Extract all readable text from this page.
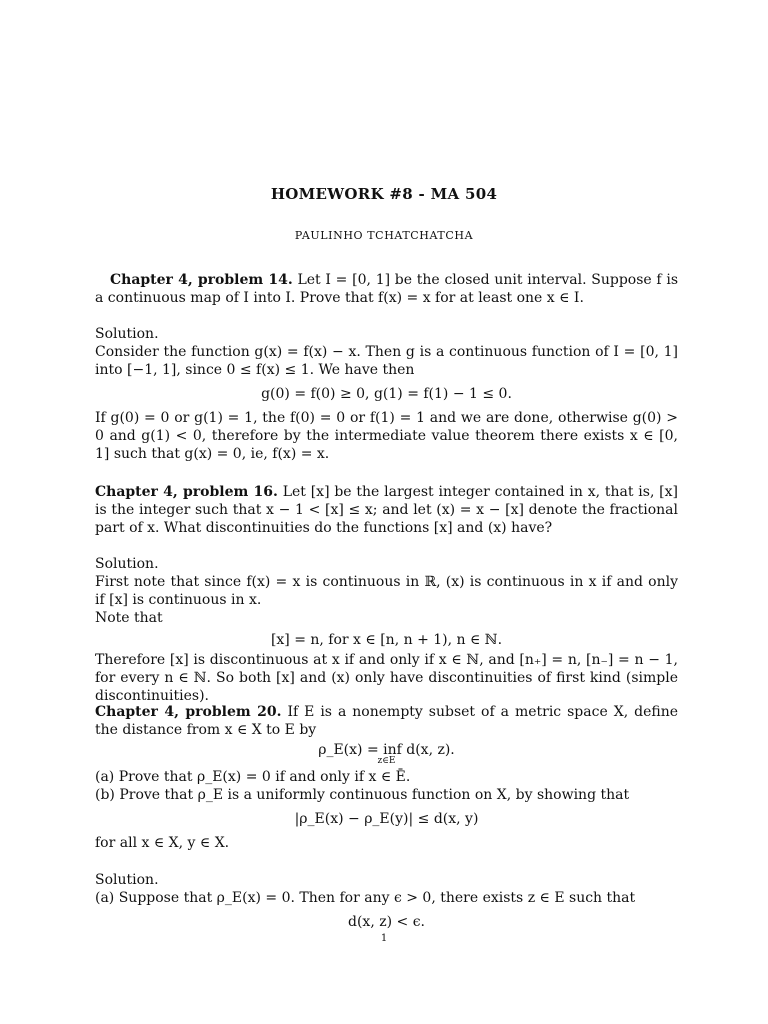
HOMEWORK #8 - MA 504
PAULINHO TCHATCHATCHA

Chapter 4, problem 14. Let I = [0, 1] be the closed unit interval. Suppose f is a continuous map of I into I. Prove that f(x) = x for at least one x ∈ I.

Solution.

Consider the function g(x) = f(x) − x. Then g is a continuous function of I = [0, 1] into [−1, 1], since 0 ≤ f(x) ≤ 1. We have then

g(0) = f(0) ≥ 0, g(1) = f(1) − 1 ≤ 0.

If g(0) = 0 or g(1) = 1, the f(0) = 0 or f(1) = 1 and we are done, otherwise g(0) > 0 and g(1) < 0, therefore by the intermediate value theorem there exists x ∈ [0, 1] such that g(x) = 0, ie, f(x) = x.

Chapter 4, problem 16. Let [x] be the largest integer contained in x, that is, [x] is the integer such that x − 1 < [x] ≤ x; and let (x) = x − [x] denote the fractional part of x. What discontinuities do the functions [x] and (x) have?

Solution.

First note that since f(x) = x is continuous in ℝ, (x) is continuous in x if and only if [x] is continuous in x.

Note that

[x] = n, for x ∈ [n, n + 1), n ∈ ℕ.

Therefore [x] is discontinuous at x if and only if x ∈ ℕ, and [n₊] = n, [n₋] = n − 1, for every n ∈ ℕ. So both [x] and (x) only have discontinuities of first kind (simple discontinuities).

Chapter 4, problem 20. If E is a nonempty subset of a metric space X, define the distance from x ∈ X to E by

ρ_E(x) = inf d(x, z).
z∈E

(a) Prove that ρ_E(x) = 0 if and only if x ∈ Ē.

(b) Prove that ρ_E is a uniformly continuous function on X, by showing that

|ρ_E(x) − ρ_E(y)| ≤ d(x, y)

for all x ∈ X, y ∈ X.

Solution.

(a) Suppose that ρ_E(x) = 0. Then for any ϵ > 0, there exists z ∈ E such that

d(x, z) < ϵ.

1
